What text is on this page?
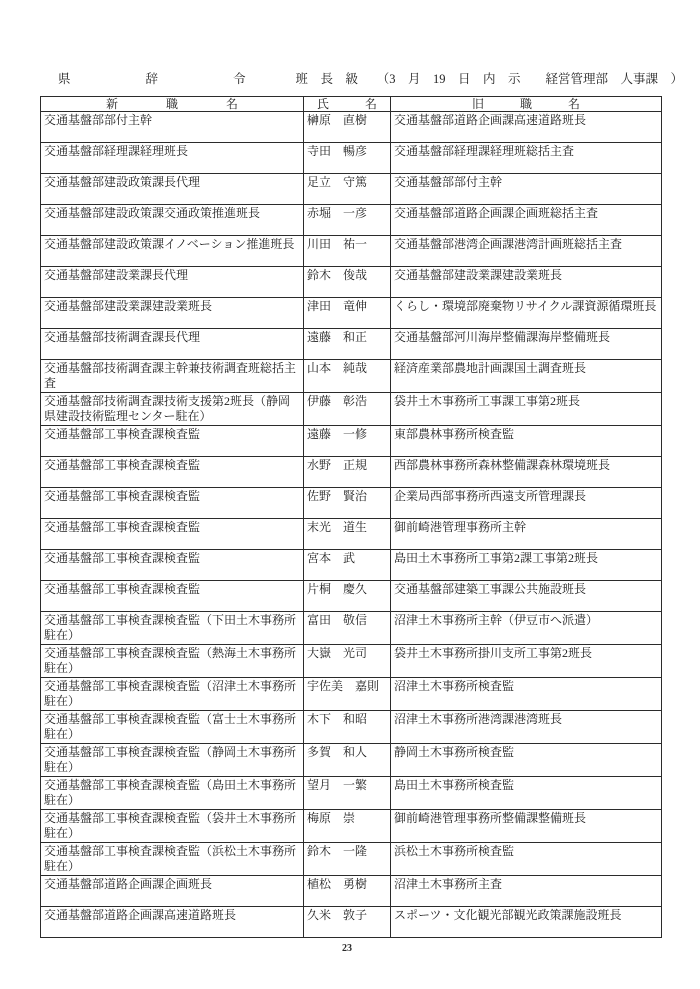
県　　　　　　辞　　　　　　令　　　　班　長　級　　（3　月　19　日　内　示　　経営管理部　人事課　）
新　　　　職　　　　名	氏　　　名	旧　　　職　　　名
交通基盤部部付主幹	榊原　直樹	交通基盤部道路企画課高速道路班長
交通基盤部経理課経理班長	寺田　暢彦	交通基盤部経理課経理班総括主査
交通基盤部建設政策課長代理	足立　守篤	交通基盤部部付主幹
交通基盤部建設政策課交通政策推進班長	赤堀　一彦	交通基盤部道路企画課企画班総括主査
交通基盤部建設政策課イノベーション推進班長	川田　祐一	交通基盤部港湾企画課港湾計画班総括主査
交通基盤部建設業課長代理	鈴木　俊哉	交通基盤部建設業課建設業班長
交通基盤部建設業課建設業班長	津田　竜伸	くらし・環境部廃棄物リサイクル課資源循環班長
交通基盤部技術調査課長代理	遠藤　和正	交通基盤部河川海岸整備課海岸整備班長
交通基盤部技術調査課主幹兼技術調査班総括主査	山本　純哉	経済産業部農地計画課国土調査班長
交通基盤部技術調査課技術支援第2班長（静岡県建設技術監理センター駐在）	伊藤　彰浩	袋井土木事務所工事課工事第2班長
交通基盤部工事検査課検査監	遠藤　一修	東部農林事務所検査監
交通基盤部工事検査課検査監	水野　正規	西部農林事務所森林整備課森林環境班長
交通基盤部工事検査課検査監	佐野　賢治	企業局西部事務所西遠支所管理課長
交通基盤部工事検査課検査監	末光　道生	御前崎港管理事務所主幹
交通基盤部工事検査課検査監	宮本　武	島田土木事務所工事第2課工事第2班長
交通基盤部工事検査課検査監	片桐　慶久	交通基盤部建築工事課公共施設班長
交通基盤部工事検査課検査監（下田土木事務所駐在）	富田　敬信	沼津土木事務所主幹（伊豆市へ派遣）
交通基盤部工事検査課検査監（熱海土木事務所駐在）	大嶽　光司	袋井土木事務所掛川支所工事第2班長
交通基盤部工事検査課検査監（沼津土木事務所駐在）	宇佐美　嘉則	沼津土木事務所検査監
交通基盤部工事検査課検査監（富士土木事務所駐在）	木下　和昭	沼津土木事務所港湾課港湾班長
交通基盤部工事検査課検査監（静岡土木事務所駐在）	多賀　和人	静岡土木事務所検査監
交通基盤部工事検査課検査監（島田土木事務所駐在）	望月　一繁	島田土木事務所検査監
交通基盤部工事検査課検査監（袋井土木事務所駐在）	梅原　崇	御前崎港管理事務所整備課整備班長
交通基盤部工事検査課検査監（浜松土木事務所駐在）	鈴木　一隆	浜松土木事務所検査監
交通基盤部道路企画課企画班長	植松　勇樹	沼津土木事務所主査
交通基盤部道路企画課高速道路班長	久米　敦子	スポーツ・文化観光部観光政策課施設班長
23
